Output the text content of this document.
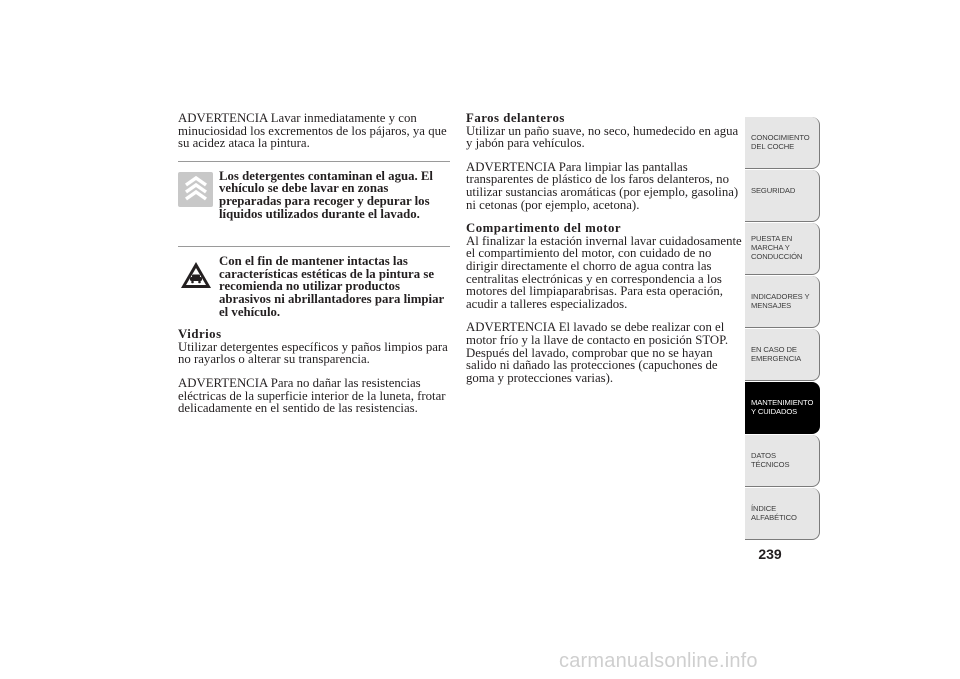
ADVERTENCIA Lavar inmediatamente y con minuciosidad los excrementos de los pájaros, ya que su acidez ataca la pintura.

Los detergentes contaminan el agua. El vehículo se debe lavar en zonas preparadas para recoger y depurar los líquidos utilizados durante el lavado.

Con el fin de mantener intactas las características estéticas de la pintura se recomienda no utilizar productos abrasivos ni abrillantadores para limpiar el vehículo.

Vidrios

Utilizar detergentes específicos y paños limpios para no rayarlos o alterar su transparencia.

ADVERTENCIA Para no dañar las resistencias eléctricas de la superficie interior de la luneta, frotar delicadamente en el sentido de las resistencias.

Faros delanteros

Utilizar un paño suave, no seco, humedecido en agua y jabón para vehículos.

ADVERTENCIA Para limpiar las pantallas transparentes de plástico de los faros delanteros, no utilizar sustancias aromáticas (por ejemplo, gasolina) ni cetonas (por ejemplo, acetona).

Compartimento del motor

Al finalizar la estación invernal lavar cuidadosamente el compartimiento del motor, con cuidado de no dirigir directamente el chorro de agua contra las centralitas electrónicas y en correspondencia a los motores del limpiaparabrisas. Para esta operación, acudir a talleres especializados.

ADVERTENCIA El lavado se debe realizar con el motor frío y la llave de contacto en posición STOP. Después del lavado, comprobar que no se hayan salido ni dañado las protecciones (capuchones de goma y protecciones varias).

CONOCIMIENTO DEL COCHE
SEGURIDAD
PUESTA EN MARCHA Y CONDUCCIÓN
INDICADORES Y MENSAJES
EN CASO DE EMERGENCIA
MANTENIMIENTO Y CUIDADOS
DATOS TÉCNICOS
ÍNDICE ALFABÉTICO
239
carmanualsonline.info
